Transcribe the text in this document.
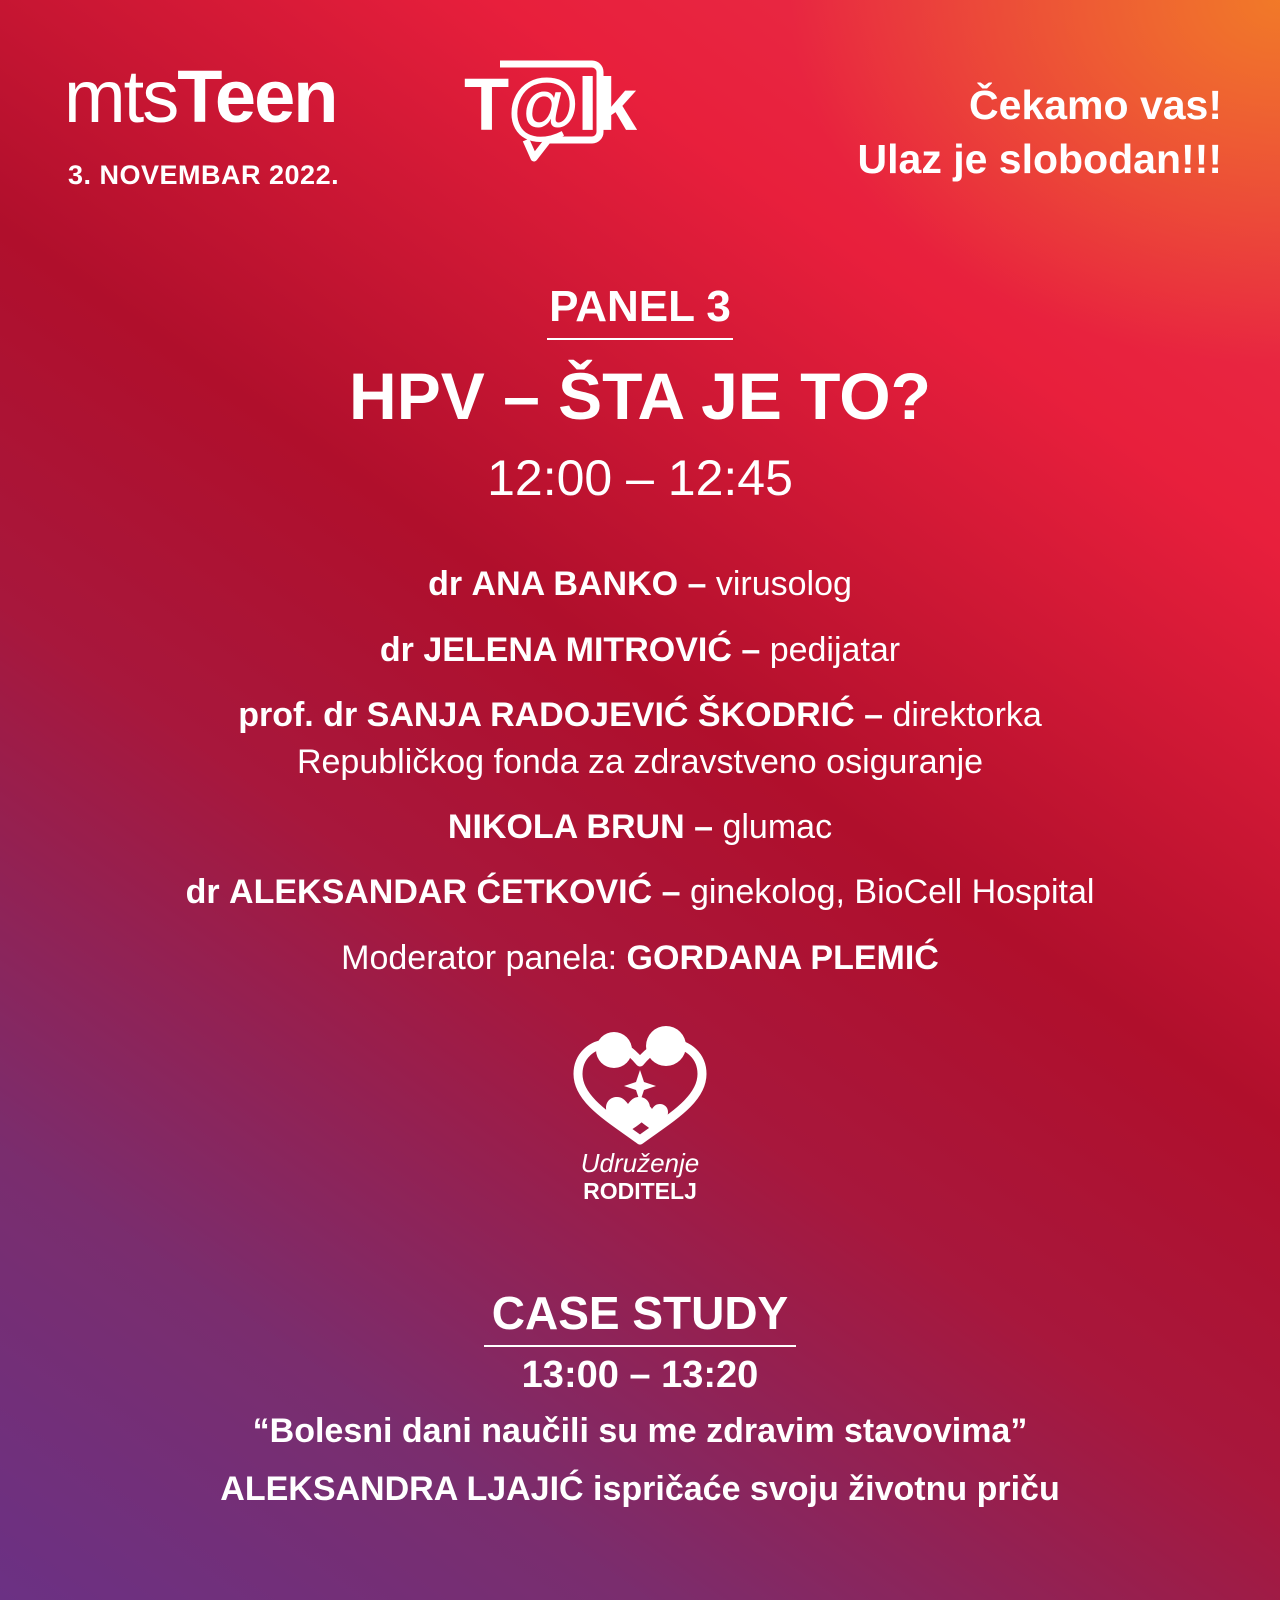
mtsTeen T@lk
3. NOVEMBAR 2022.
Čekamo vas!
Ulaz je slobodan!!!
PANEL 3
HPV – ŠTA JE TO?
12:00 – 12:45
dr ANA BANKO – virusolog
dr JELENA MITROVIĆ – pedijatar
prof. dr SANJA RADOJEVIĆ ŠKODRIĆ – direktorka
Republičkog fonda za zdravstveno osiguranje
NIKOLA BRUN – glumac
dr ALEKSANDAR ĆETKOVIĆ – ginekolog, BioCell Hospital
Moderator panela: GORDANA PLEMIĆ
Udruženje
RODITELJ
CASE STUDY
13:00 – 13:20
“Bolesni dani naučili su me zdravim stavovima”
ALEKSANDRA LJAJIĆ ispričaće svoju životnu priču
